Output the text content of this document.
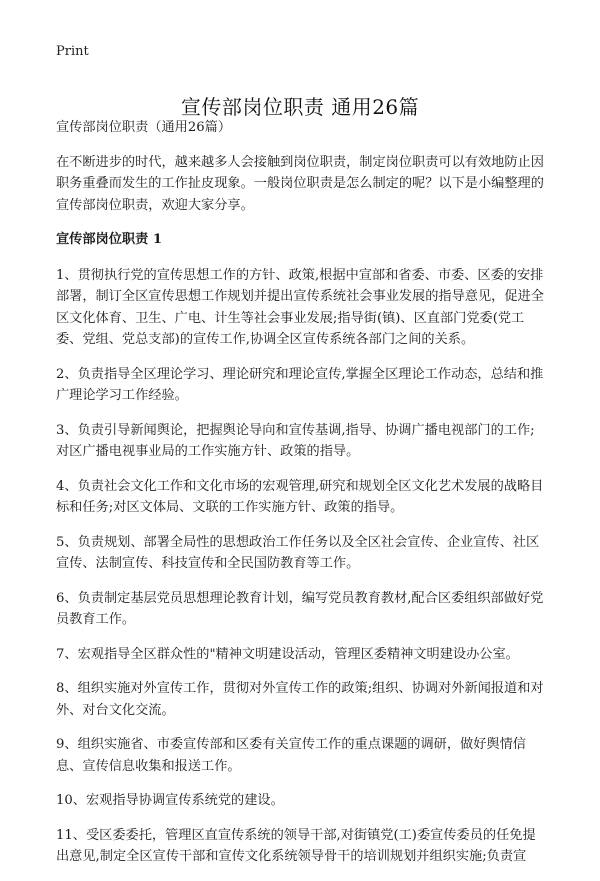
Print
宣传部岗位职责 通用26篇

宣传部岗位职责（通用26篇）

在不断进步的时代，越来越多人会接触到岗位职责，制定岗位职责可以有效地防止因职务重叠而发生的工作扯皮现象。一般岗位职责是怎么制定的呢？以下是小编整理的宣传部岗位职责，欢迎大家分享。

宣传部岗位职责 1

1、贯彻执行党的宣传思想工作的方针、政策,根据中宣部和省委、市委、区委的安排部署，制订全区宣传思想工作规划并提出宣传系统社会事业发展的指导意见，促进全区文化体育、卫生、广电、计生等社会事业发展;指导街(镇)、区直部门党委(党工委、党组、党总支部)的宣传工作,协调全区宣传系统各部门之间的关系。

2、负责指导全区理论学习、理论研究和理论宣传,掌握全区理论工作动态，总结和推广理论学习工作经验。

3、负责引导新闻舆论，把握舆论导向和宣传基调,指导、协调广播电视部门的工作;对区广播电视事业局的工作实施方针、政策的指导。

4、负责社会文化工作和文化市场的宏观管理,研究和规划全区文化艺术发展的战略目标和任务;对区文体局、文联的工作实施方针、政策的指导。

5、负责规划、部署全局性的思想政治工作任务以及全区社会宣传、企业宣传、社区宣传、法制宣传、科技宣传和全民国防教育等工作。

6、负责制定基层党员思想理论教育计划，编写党员教育教材,配合区委组织部做好党员教育工作。

7、宏观指导全区群众性的"精神文明建设活动，管理区委精神文明建设办公室。

8、组织实施对外宣传工作，贯彻对外宣传工作的政策;组织、协调对外新闻报道和对外、对台文化交流。

9、组织实施省、市委宣传部和区委有关宣传工作的重点课题的调研，做好舆情信息、宣传信息收集和报送工作。

10、宏观指导协调宣传系统党的建设。

11、受区委委托，管理区直宣传系统的领导干部,对街镇党(工)委宣传委员的任免提出意见,制定全区宣传干部和宣传文化系统领导骨干的培训规划并组织实施;负责宣
